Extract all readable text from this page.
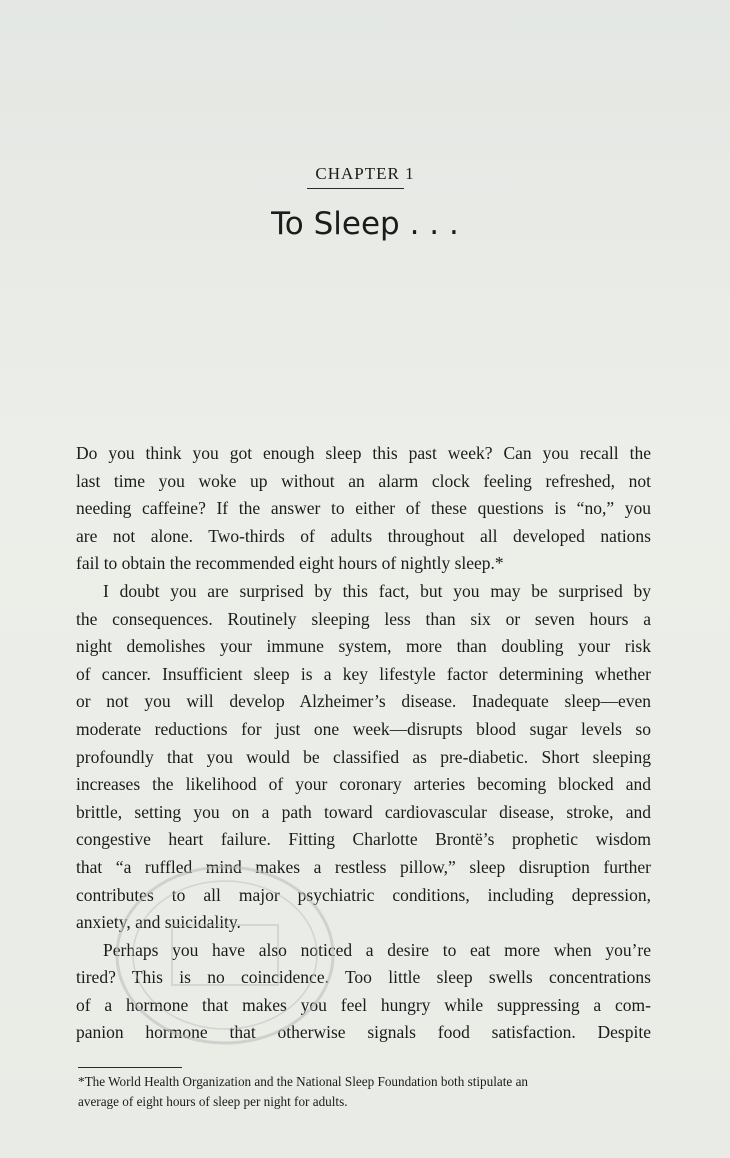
CHAPTER 1
To Sleep . . .

Do you think you got enough sleep this past week? Can you recall the
last time you woke up without an alarm clock feeling refreshed, not
needing caffeine? If the answer to either of these questions is “no,” you
are not alone. Two-thirds of adults throughout all developed nations
fail to obtain the recommended eight hours of nightly sleep.*

I doubt you are surprised by this fact, but you may be surprised by
the consequences. Routinely sleeping less than six or seven hours a
night demolishes your immune system, more than doubling your risk
of cancer. Insufficient sleep is a key lifestyle factor determining whether
or not you will develop Alzheimer’s disease. Inadequate sleep—even
moderate reductions for just one week—disrupts blood sugar levels so
profoundly that you would be classified as pre-diabetic. Short sleeping
increases the likelihood of your coronary arteries becoming blocked and
brittle, setting you on a path toward cardiovascular disease, stroke, and
congestive heart failure. Fitting Charlotte Brontë’s prophetic wisdom
that “a ruffled mind makes a restless pillow,” sleep disruption further
contributes to all major psychiatric conditions, including depression,
anxiety, and suicidality.

Perhaps you have also noticed a desire to eat more when you’re
tired? This is no coincidence. Too little sleep swells concentrations
of a hormone that makes you feel hungry while suppressing a com-
panion hormone that otherwise signals food satisfaction. Despite

*The World Health Organization and the National Sleep Foundation both stipulate an
average of eight hours of sleep per night for adults.
